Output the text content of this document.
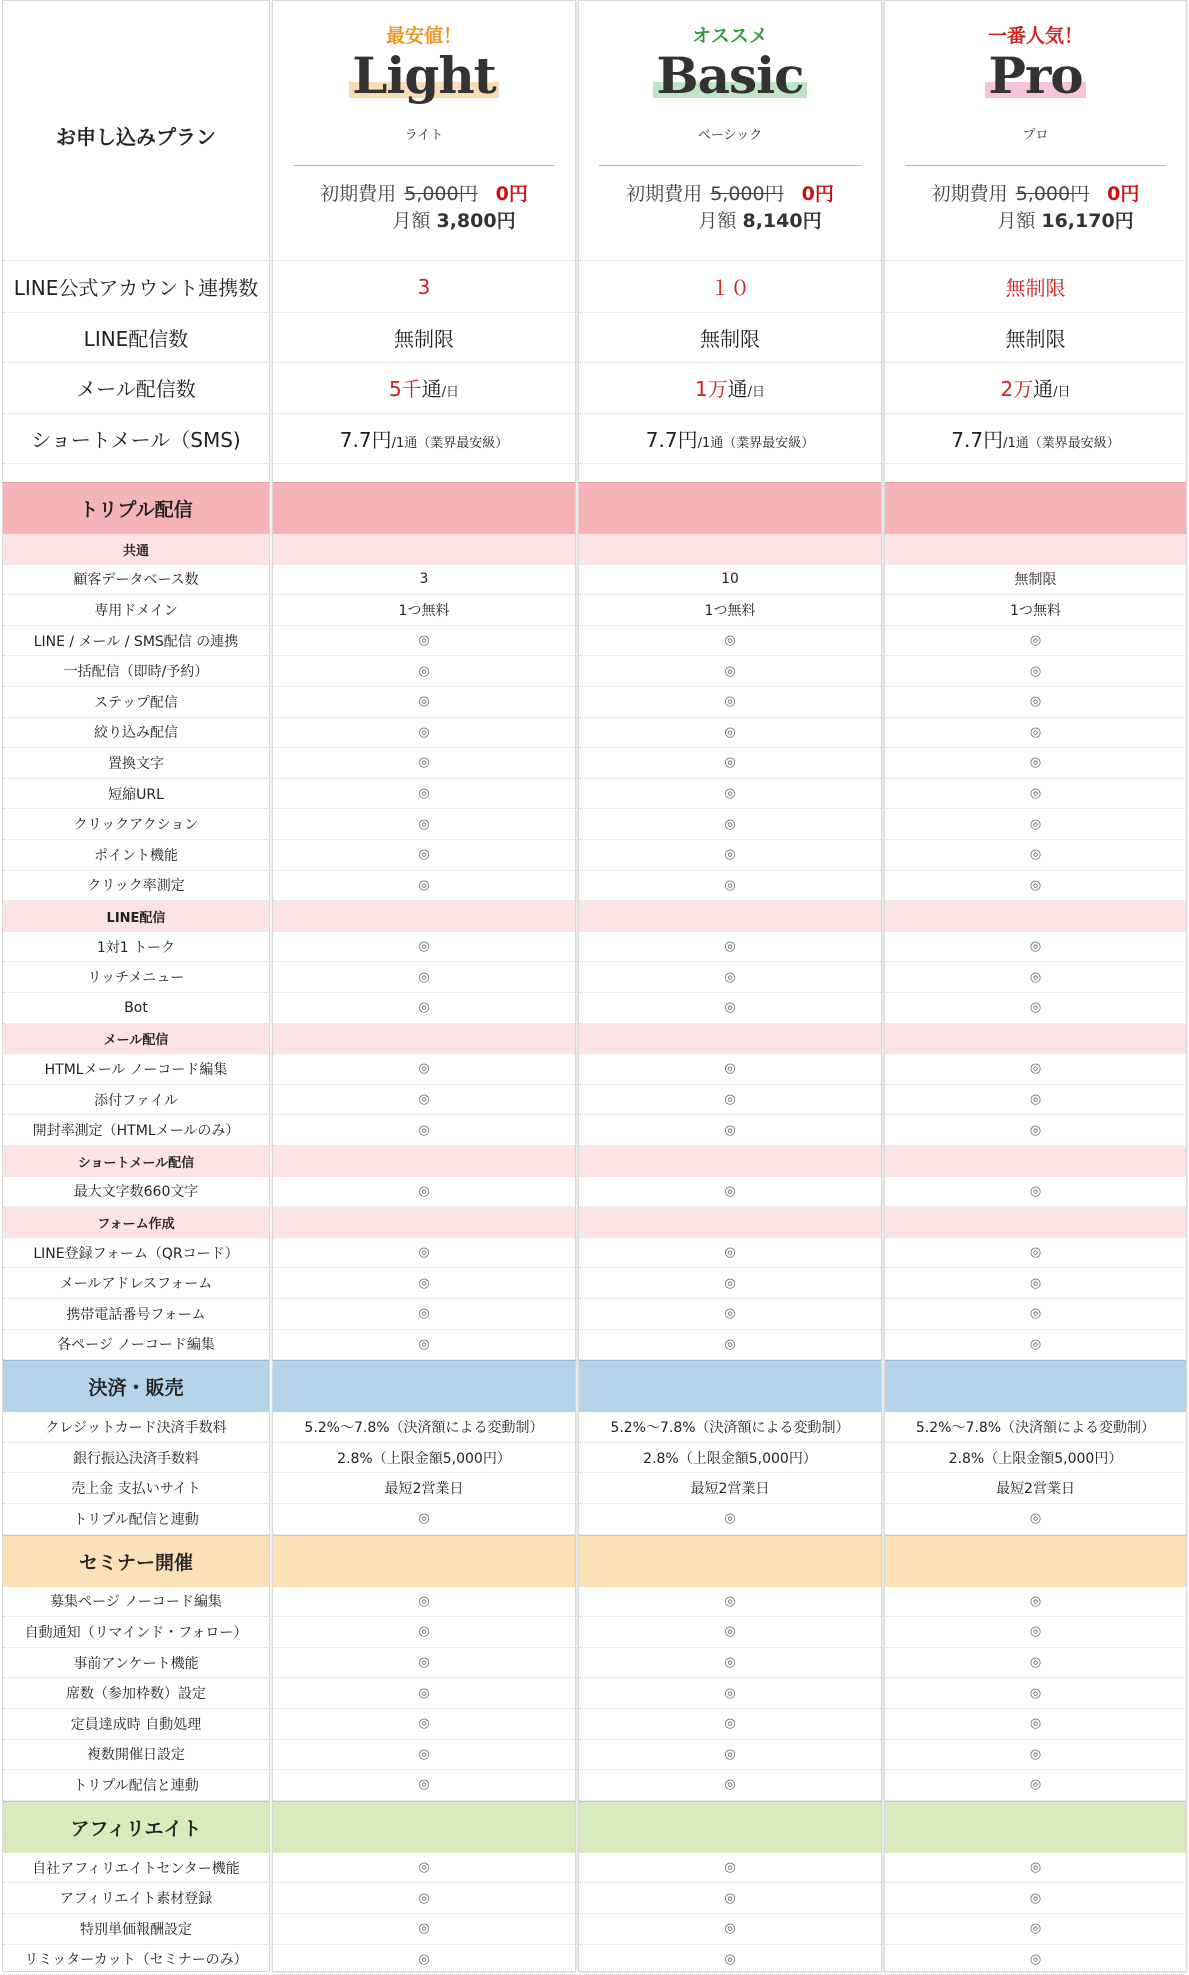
お申し込みプラン
LINE公式アカウント連携数
LINE配信数
メール配信数
ショートメール（SMS)
トリプル配信
共通
顧客データベース数
専用ドメイン
LINE / メール / SMS配信 の連携
一括配信（即時/予約）
ステップ配信
絞り込み配信
置換文字
短縮URL
クリックアクション
ポイント機能
クリック率測定
LINE配信
1対1 トーク
リッチメニュー
Bot
メール配信
HTMLメール ノーコード編集
添付ファイル
開封率測定（HTMLメールのみ）
ショートメール配信
最大文字数660文字
フォーム作成
LINE登録フォーム（QRコード）
メールアドレスフォーム
携帯電話番号フォーム
各ページ ノーコード編集
決済・販売
クレジットカード決済手数料
銀行振込決済手数料
売上金 支払いサイト
トリプル配信と連動
セミナー開催
募集ページ ノーコード編集
自動通知（リマインド・フォロー）
事前アンケート機能
席数（参加枠数）設定
定員達成時 自動処理
複数開催日設定
トリプル配信と連動
アフィリエイト
自社アフィリエイトセンター機能
アフィリエイト素材登録
特別単価報酬設定
リミッターカット（セミナーのみ）
最安値！
Light
ライト
初期費用 5,000円 0円
月額 3,800円
3
無制限
5千通/日
7.7円/1通（業界最安級）
3
1つ無料
◎
◎
◎
◎
◎
◎
◎
◎
◎
◎
◎
◎
◎
◎
◎
◎
◎
◎
◎
◎
5.2%～7.8%（決済額による変動制）
2.8%（上限金額5,000円）
最短2営業日
◎
◎
◎
◎
◎
◎
◎
◎
◎
◎
◎
◎
オススメ
Basic
ベーシック
初期費用 5,000円 0円
月額 8,140円
１０
無制限
1万通/日
7.7円/1通（業界最安級）
10
1つ無料
◎
◎
◎
◎
◎
◎
◎
◎
◎
◎
◎
◎
◎
◎
◎
◎
◎
◎
◎
◎
5.2%～7.8%（決済額による変動制）
2.8%（上限金額5,000円）
最短2営業日
◎
◎
◎
◎
◎
◎
◎
◎
◎
◎
◎
◎
一番人気！
Pro
プロ
初期費用 5,000円 0円
月額 16,170円
無制限
無制限
2万通/日
7.7円/1通（業界最安級）
無制限
1つ無料
◎
◎
◎
◎
◎
◎
◎
◎
◎
◎
◎
◎
◎
◎
◎
◎
◎
◎
◎
◎
5.2%～7.8%（決済額による変動制）
2.8%（上限金額5,000円）
最短2営業日
◎
◎
◎
◎
◎
◎
◎
◎
◎
◎
◎
◎
